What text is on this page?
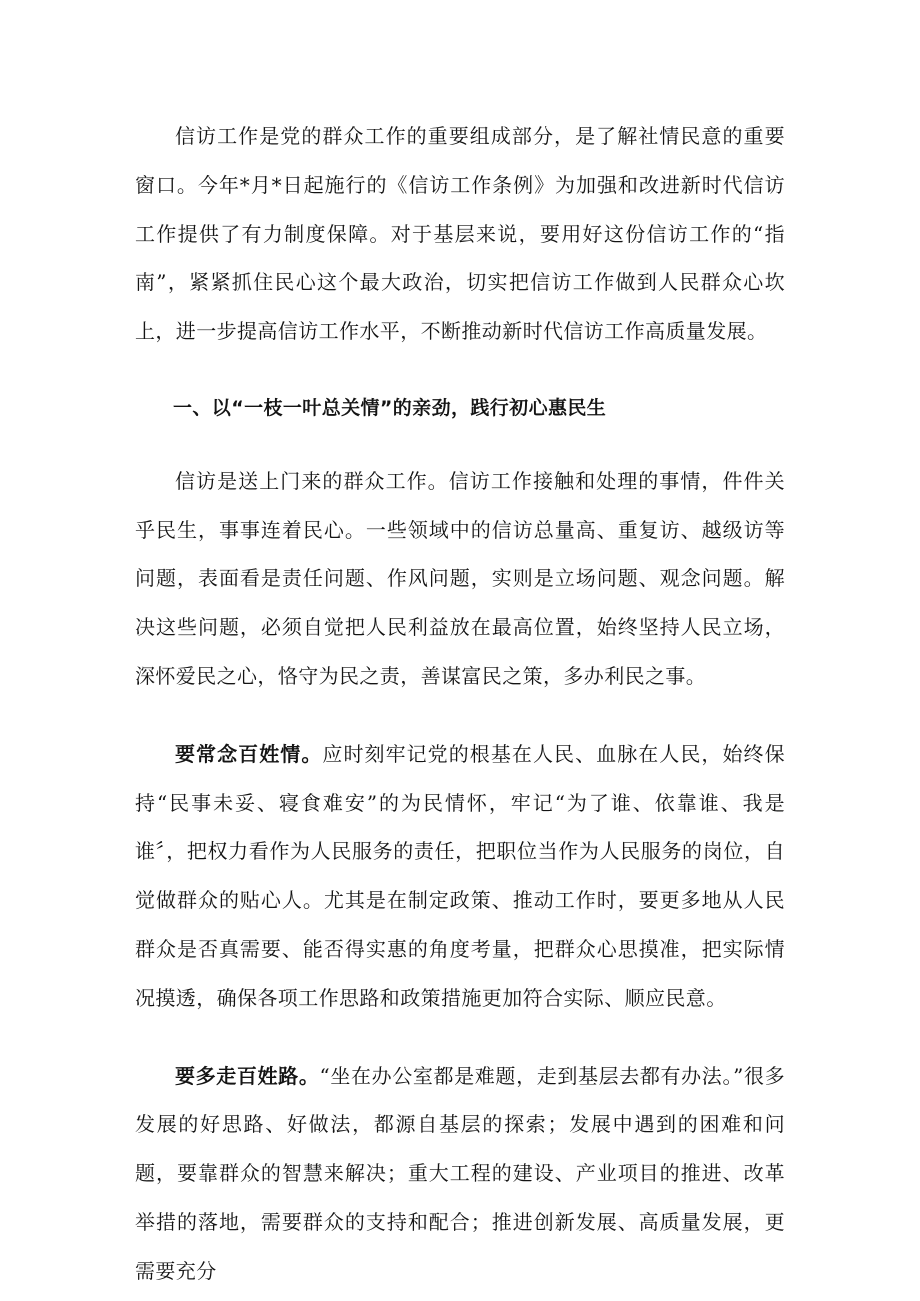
信访工作是党的群众工作的重要组成部分，是了解社情民意的重要窗口。今年*月*日起施行的《信访工作条例》为加强和改进新时代信访工作提供了有力制度保障。对于基层来说，要用好这份信访工作的“指南”，紧紧抓住民心这个最大政治，切实把信访工作做到人民群众心坎上，进一步提高信访工作水平，不断推动新时代信访工作高质量发展。

一、以“一枝一叶总关情”的亲劲，践行初心惠民生

信访是送上门来的群众工作。信访工作接触和处理的事情，件件关乎民生，事事连着民心。一些领域中的信访总量高、重复访、越级访等问题，表面看是责任问题、作风问题，实则是立场问题、观念问题。解决这些问题，必须自觉把人民利益放在最高位置，始终坚持人民立场，深怀爱民之心，恪守为民之责，善谋富民之策，多办利民之事。

要常念百姓情。应时刻牢记党的根基在人民、血脉在人民，始终保持“民事未妥、寝食难安”的为民情怀，牢记“为了谁、依靠谁、我是谁〞，把权力看作为人民服务的责任，把职位当作为人民服务的岗位，自觉做群众的贴心人。尤其是在制定政策、推动工作时，要更多地从人民群众是否真需要、能否得实惠的角度考量，把群众心思摸准，把实际情况摸透，确保各项工作思路和政策措施更加符合实际、顺应民意。

要多走百姓路。“坐在办公室都是难题，走到基层去都有办法。”很多发展的好思路、好做法，都源自基层的探索；发展中遇到的困难和问题，要靠群众的智慧来解决；重大工程的建设、产业项目的推进、改革举措的落地，需要群众的支持和配合；推进创新发展、高质量发展，更需要充分
